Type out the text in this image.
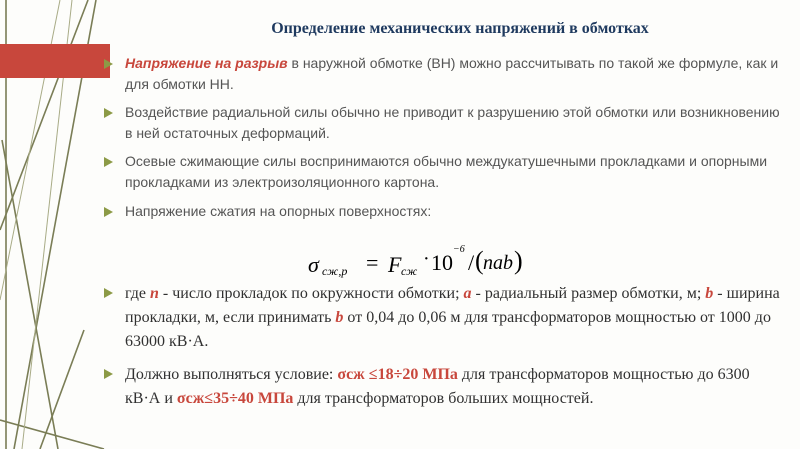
Определение механических напряжений в обмотках
Напряжение на разрыв в наружной обмотке (ВН) можно рассчитывать по такой же формуле, как и для обмотки НН.
Воздействие радиальной силы обычно не приводит к разрушению этой обмотки или возникновению в ней остаточных деформаций.
Осевые сжимающие силы воспринимаются обычно междукатушечными прокладками и опорными прокладками из электроизоляционного картона.
Напряжение сжатия на опорных поверхностях:
где n - число прокладок по окружности обмотки; a - радиальный размер обмотки, м; b - ширина прокладки, м, если принимать b от 0,04 до 0,06 м для трансформаторов мощностью от 1000 до 63000 кВ·А.
Должно выполняться условие: σсж ≤18÷20 МПа для трансформаторов мощностью до 6300 кВ·А и σсж≤35÷40 МПа для трансформаторов больших мощностей.
σ сж,р = F сж
· 10
−6
/ ( nab )
